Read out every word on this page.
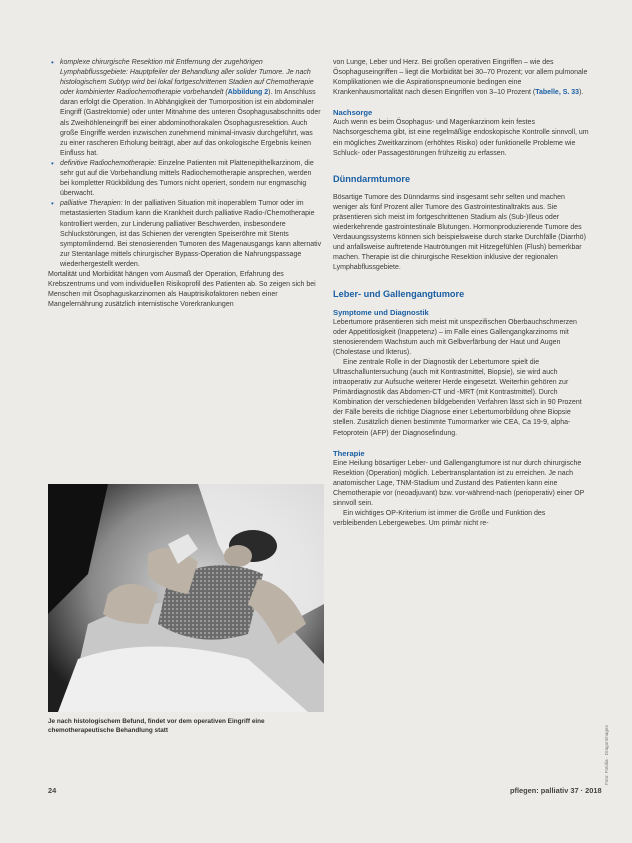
• komplexe chirurgische Resektion mit Entfernung der zugehörigen Lymphabflussgebiete: Hauptpfeiler der Behandlung aller solider Tumore. Je nach histologischem Subtyp wird bei lokal fortgeschrittenen Stadien auf Chemotherapie oder kombinierter Radiochemotherapie vorbehandelt (Abbildung 2). Im Anschluss daran erfolgt die Operation. In Abhängigkeit der Tumorposition ist ein abdominaler Eingriff (Gastrektomie) oder unter Mitnahme des unteren Ösophagusabschnitts oder als Zweihöhleneingriff bei einer abdominothorakalen Ösophagusresektion. Auch große Eingriffe werden inzwischen zunehmend minimal-invasiv durchgeführt, was zu einer rascheren Erholung beiträgt, aber auf das onkologische Ergebnis keinen Einfluss hat.
• definitive Radiochemotherapie: Einzelne Patienten mit Plattenepithelkarzinom, die sehr gut auf die Vorbehandlung mittels Radiochemotherapie ansprechen, werden bei kompletter Rückbildung des Tumors nicht operiert, sondern nur engmaschig überwacht.
• palliative Therapien: In der palliativen Situation mit inoperablem Tumor oder im metastasierten Stadium kann die Krankheit durch palliative Radio-/Chemotherapie kontrolliert werden, zur Linderung palliativer Beschwerden, insbesondere Schluckstörungen, ist das Schienen der verengten Speiseröhre mit Stents symptomlindernd. Bei stenosierenden Tumoren des Magenausgangs kann alternativ zur Stentanlage mittels chirurgischer Bypass-Operation die Nahrungspassage wiederhergestellt werden.

Mortalität und Morbidität hängen vom Ausmaß der Operation, Erfahrung des Krebszentrums und vom individuellen Risikoprofil des Patienten ab. So zeigen sich bei Menschen mit Ösophaguskarzinomen als Hauptrisikofaktoren neben einer Mangelernährung zusätzlich internistische Vorerkrankungen

Je nach histologischem Befund, findet vor dem operativen Eingriff eine chemotherapeutische Behandlung statt

von Lunge, Leber und Herz. Bei großen operativen Eingriffen – wie des Ösophaguseingriffen – liegt die Morbidität bei 30–70 Prozent; vor allem pulmonale Komplikationen wie die Aspirationspneumonie bedingen eine Krankenhausmortalität nach diesen Eingriffen von 3–10 Prozent (Tabelle, S. 33).

Nachsorge

Auch wenn es beim Ösophagus- und Magenkarzinom kein festes Nachsorgeschema gibt, ist eine regelmäßige endoskopische Kontrolle sinnvoll, um ein mögliches Zweitkarzinom (erhöhtes Risiko) oder funktionelle Probleme wie Schluck- oder Passagestörungen frühzeitig zu erfassen.

Dünndarmtumore

Bösartige Tumore des Dünndarms sind insgesamt sehr selten und machen weniger als fünf Prozent aller Tumore des Gastrointestinaltrakts aus. Sie präsentieren sich meist im fortgeschrittenen Stadium als (Sub-)Ileus oder wiederkehrende gastrointestinale Blutungen. Hormonproduzierende Tumore des Verdauungssystems können sich beispielsweise durch starke Durchfälle (Diarrhö) und anfallsweise auftretende Hautrötungen mit Hitzegefühlen (Flush) bemerkbar machen. Therapie ist die chirurgische Resektion inklusive der regionalen Lymphabflussgebiete.

Leber- und Gallengangtumore
Symptome und Diagnostik

Lebertumore präsentieren sich meist mit unspezifischen Oberbauchschmerzen oder Appetitlosigkeit (Inappetenz) – im Falle eines Gallengangkarzinoms mit stenosierendem Wachstum auch mit Gelbverfärbung der Haut und Augen (Cholestase und Ikterus).

Eine zentrale Rolle in der Diagnostik der Lebertumore spielt die Ultraschalluntersuchung (auch mit Kontrastmittel, Biopsie), sie wird auch intraoperativ zur Aufsuche weiterer Herde eingesetzt. Weiterhin gehören zur Primärdiagnostik das Abdomen-CT und -MRT (mit Kontrastmittel). Durch Kombination der verschiedenen bildgebenden Verfahren lässt sich in 90 Prozent der Fälle bereits die richtige Diagnose einer Lebertumorbildung ohne Biopsie stellen. Zusätzlich dienen bestimmte Tumormarker wie CEA, Ca 19-9, alpha-Fetoprotein (AFP) der Diagnosefindung.

Therapie

Eine Heilung bösartiger Leber- und Gallengangtumore ist nur durch chirurgische Resektion (Operation) möglich. Lebertransplantation ist zu erreichen. Je nach anatomischer Lage, TNM-Stadium und Zustand des Patienten kann eine Chemotherapie vor (neoadjuvant) bzw. vor-während-nach (perioperativ) einer OP sinnvoll sein.

Ein wichtiges OP-Kriterium ist immer die Größe und Funktion des verbleibenden Lebergewebes. Um primär nicht re-

Foto: Fotolia · DragonImages
24	pflegen: palliativ 37 · 2018
